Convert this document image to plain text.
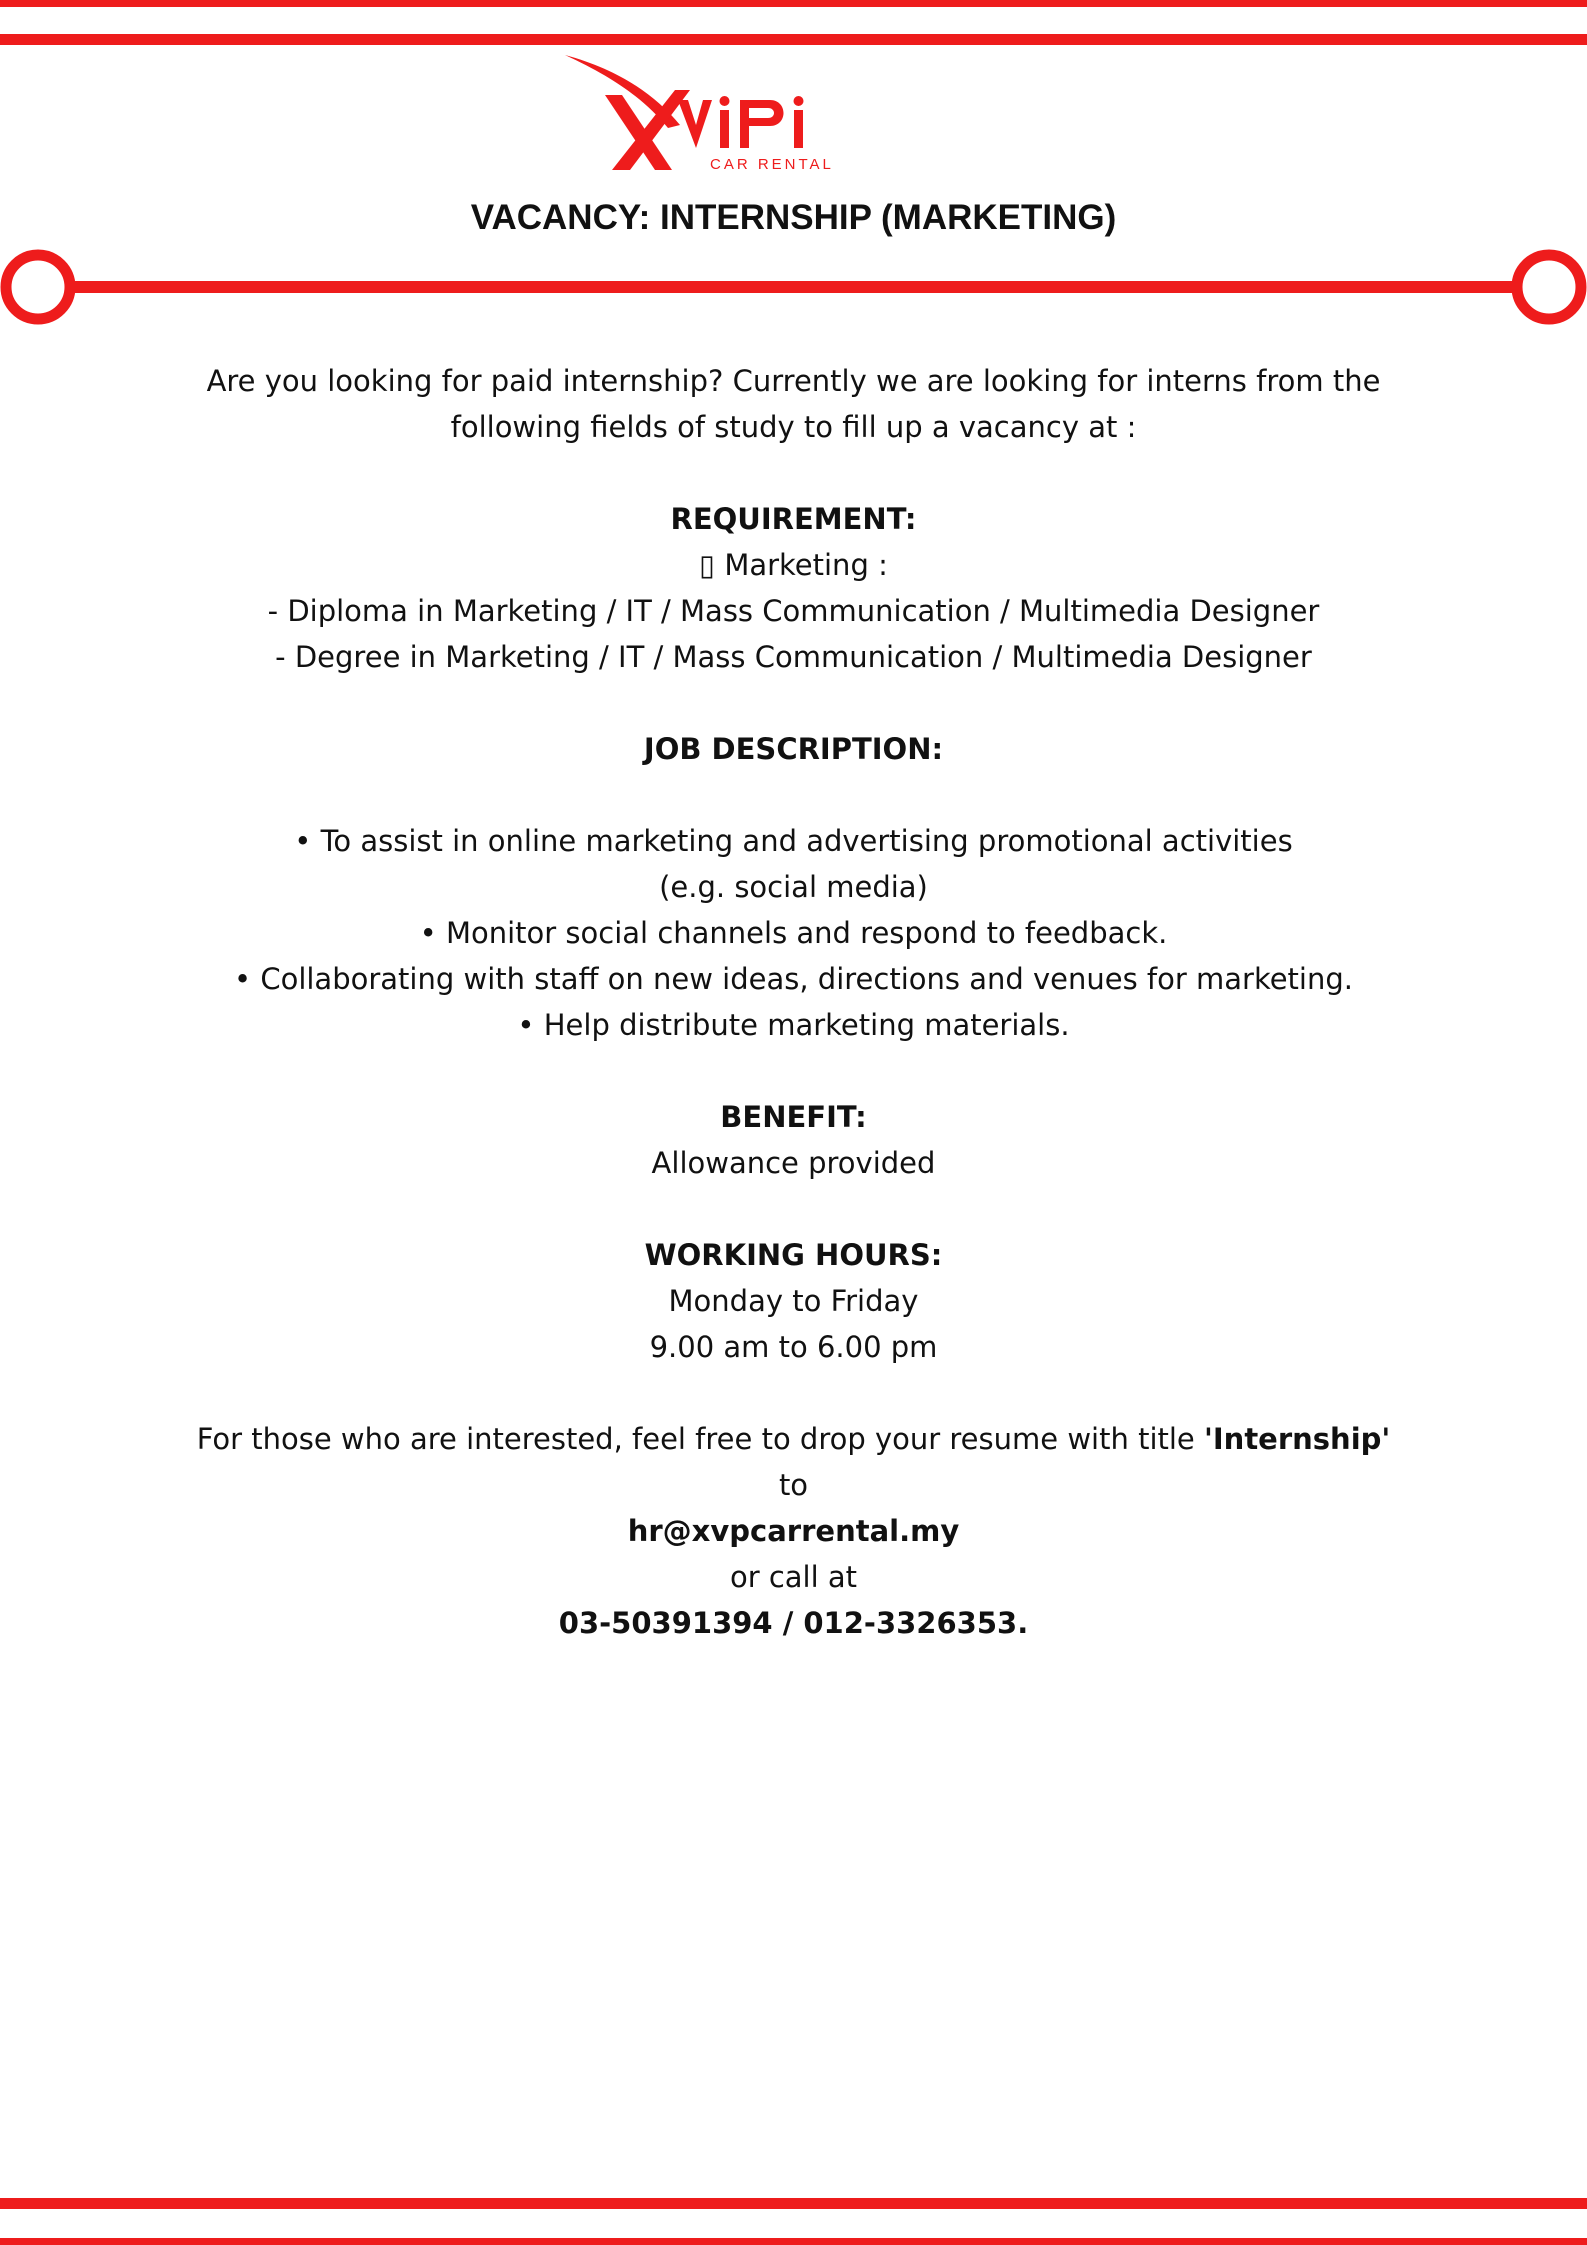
CAR RENTAL
VACANCY: INTERNSHIP (MARKETING)

Are you looking for paid internship? Currently we are looking for interns from the

following fields of study to fill up a vacancy at :

REQUIREMENT:

▯ Marketing :

- Diploma in Marketing / IT / Mass Communication / Multimedia Designer

- Degree in Marketing / IT / Mass Communication / Multimedia Designer

JOB DESCRIPTION:

• To assist in online marketing and advertising promotional activities

(e.g. social media)

• Monitor social channels and respond to feedback.

• Collaborating with staff on new ideas, directions and venues for marketing.

• Help distribute marketing materials.

BENEFIT:

Allowance provided

WORKING HOURS:

Monday to Friday

9.00 am to 6.00 pm

For those who are interested, feel free to drop your resume with title 'Internship'

to

hr@xvpcarrental.my

or call at

03-50391394 / 012-3326353.
